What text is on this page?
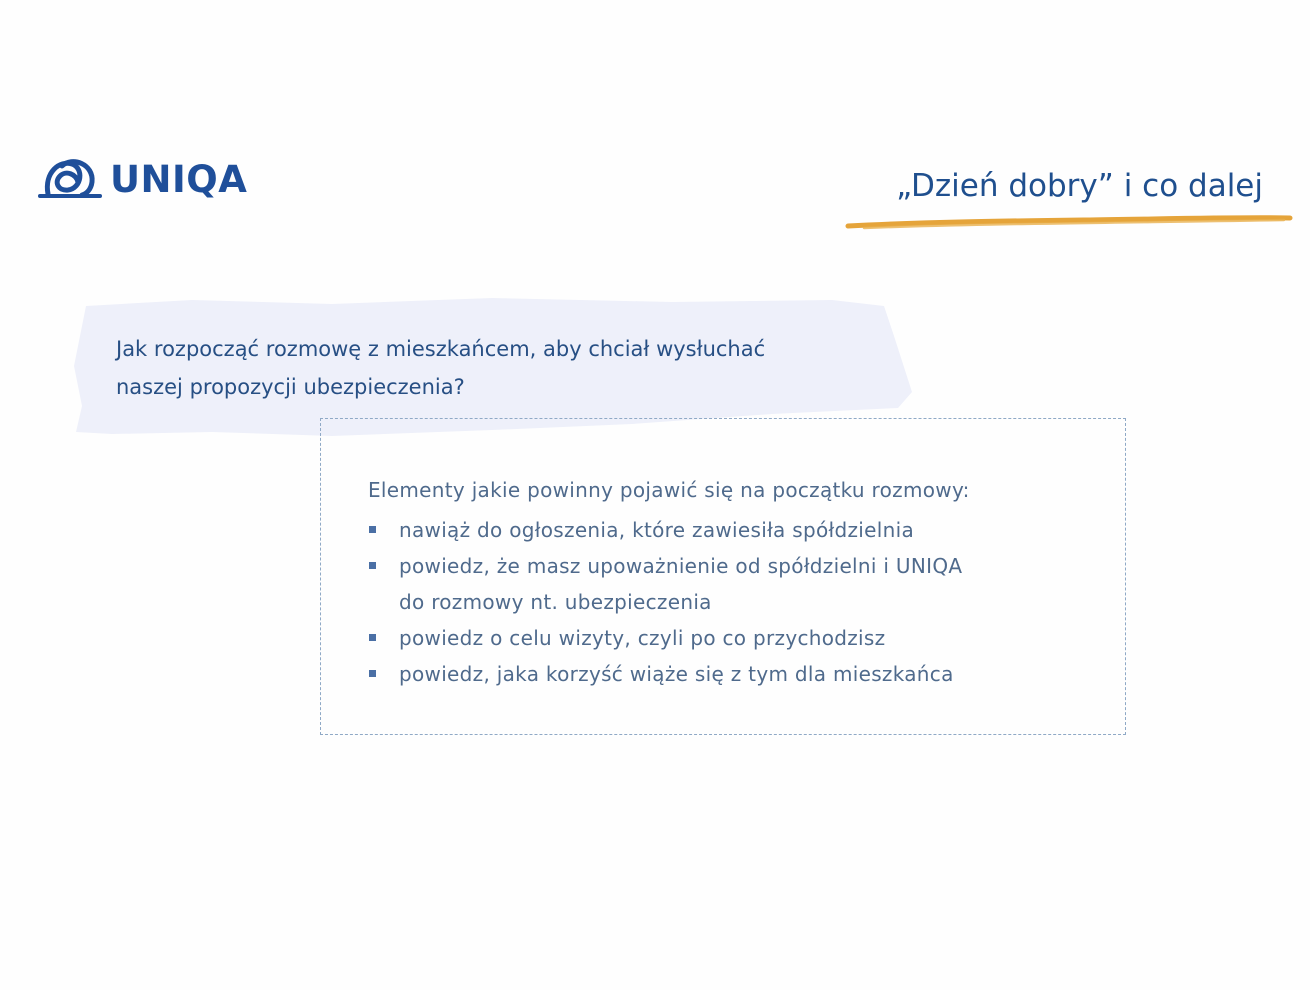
UNIQA	„Dzień dobry” i co dalej
Jak rozpocząć rozmowę z mieszkańcem, aby chciał wysłuchać
naszej propozycji ubezpieczenia?
Elementy jakie powinny pojawić się na początku rozmowy:
nawiąż do ogłoszenia, które zawiesiła spółdzielnia
powiedz, że masz upoważnienie od spółdzielni i UNIQA
do rozmowy nt. ubezpieczenia
powiedz o celu wizyty, czyli po co przychodzisz
powiedz, jaka korzyść wiąże się z tym dla mieszkańca
